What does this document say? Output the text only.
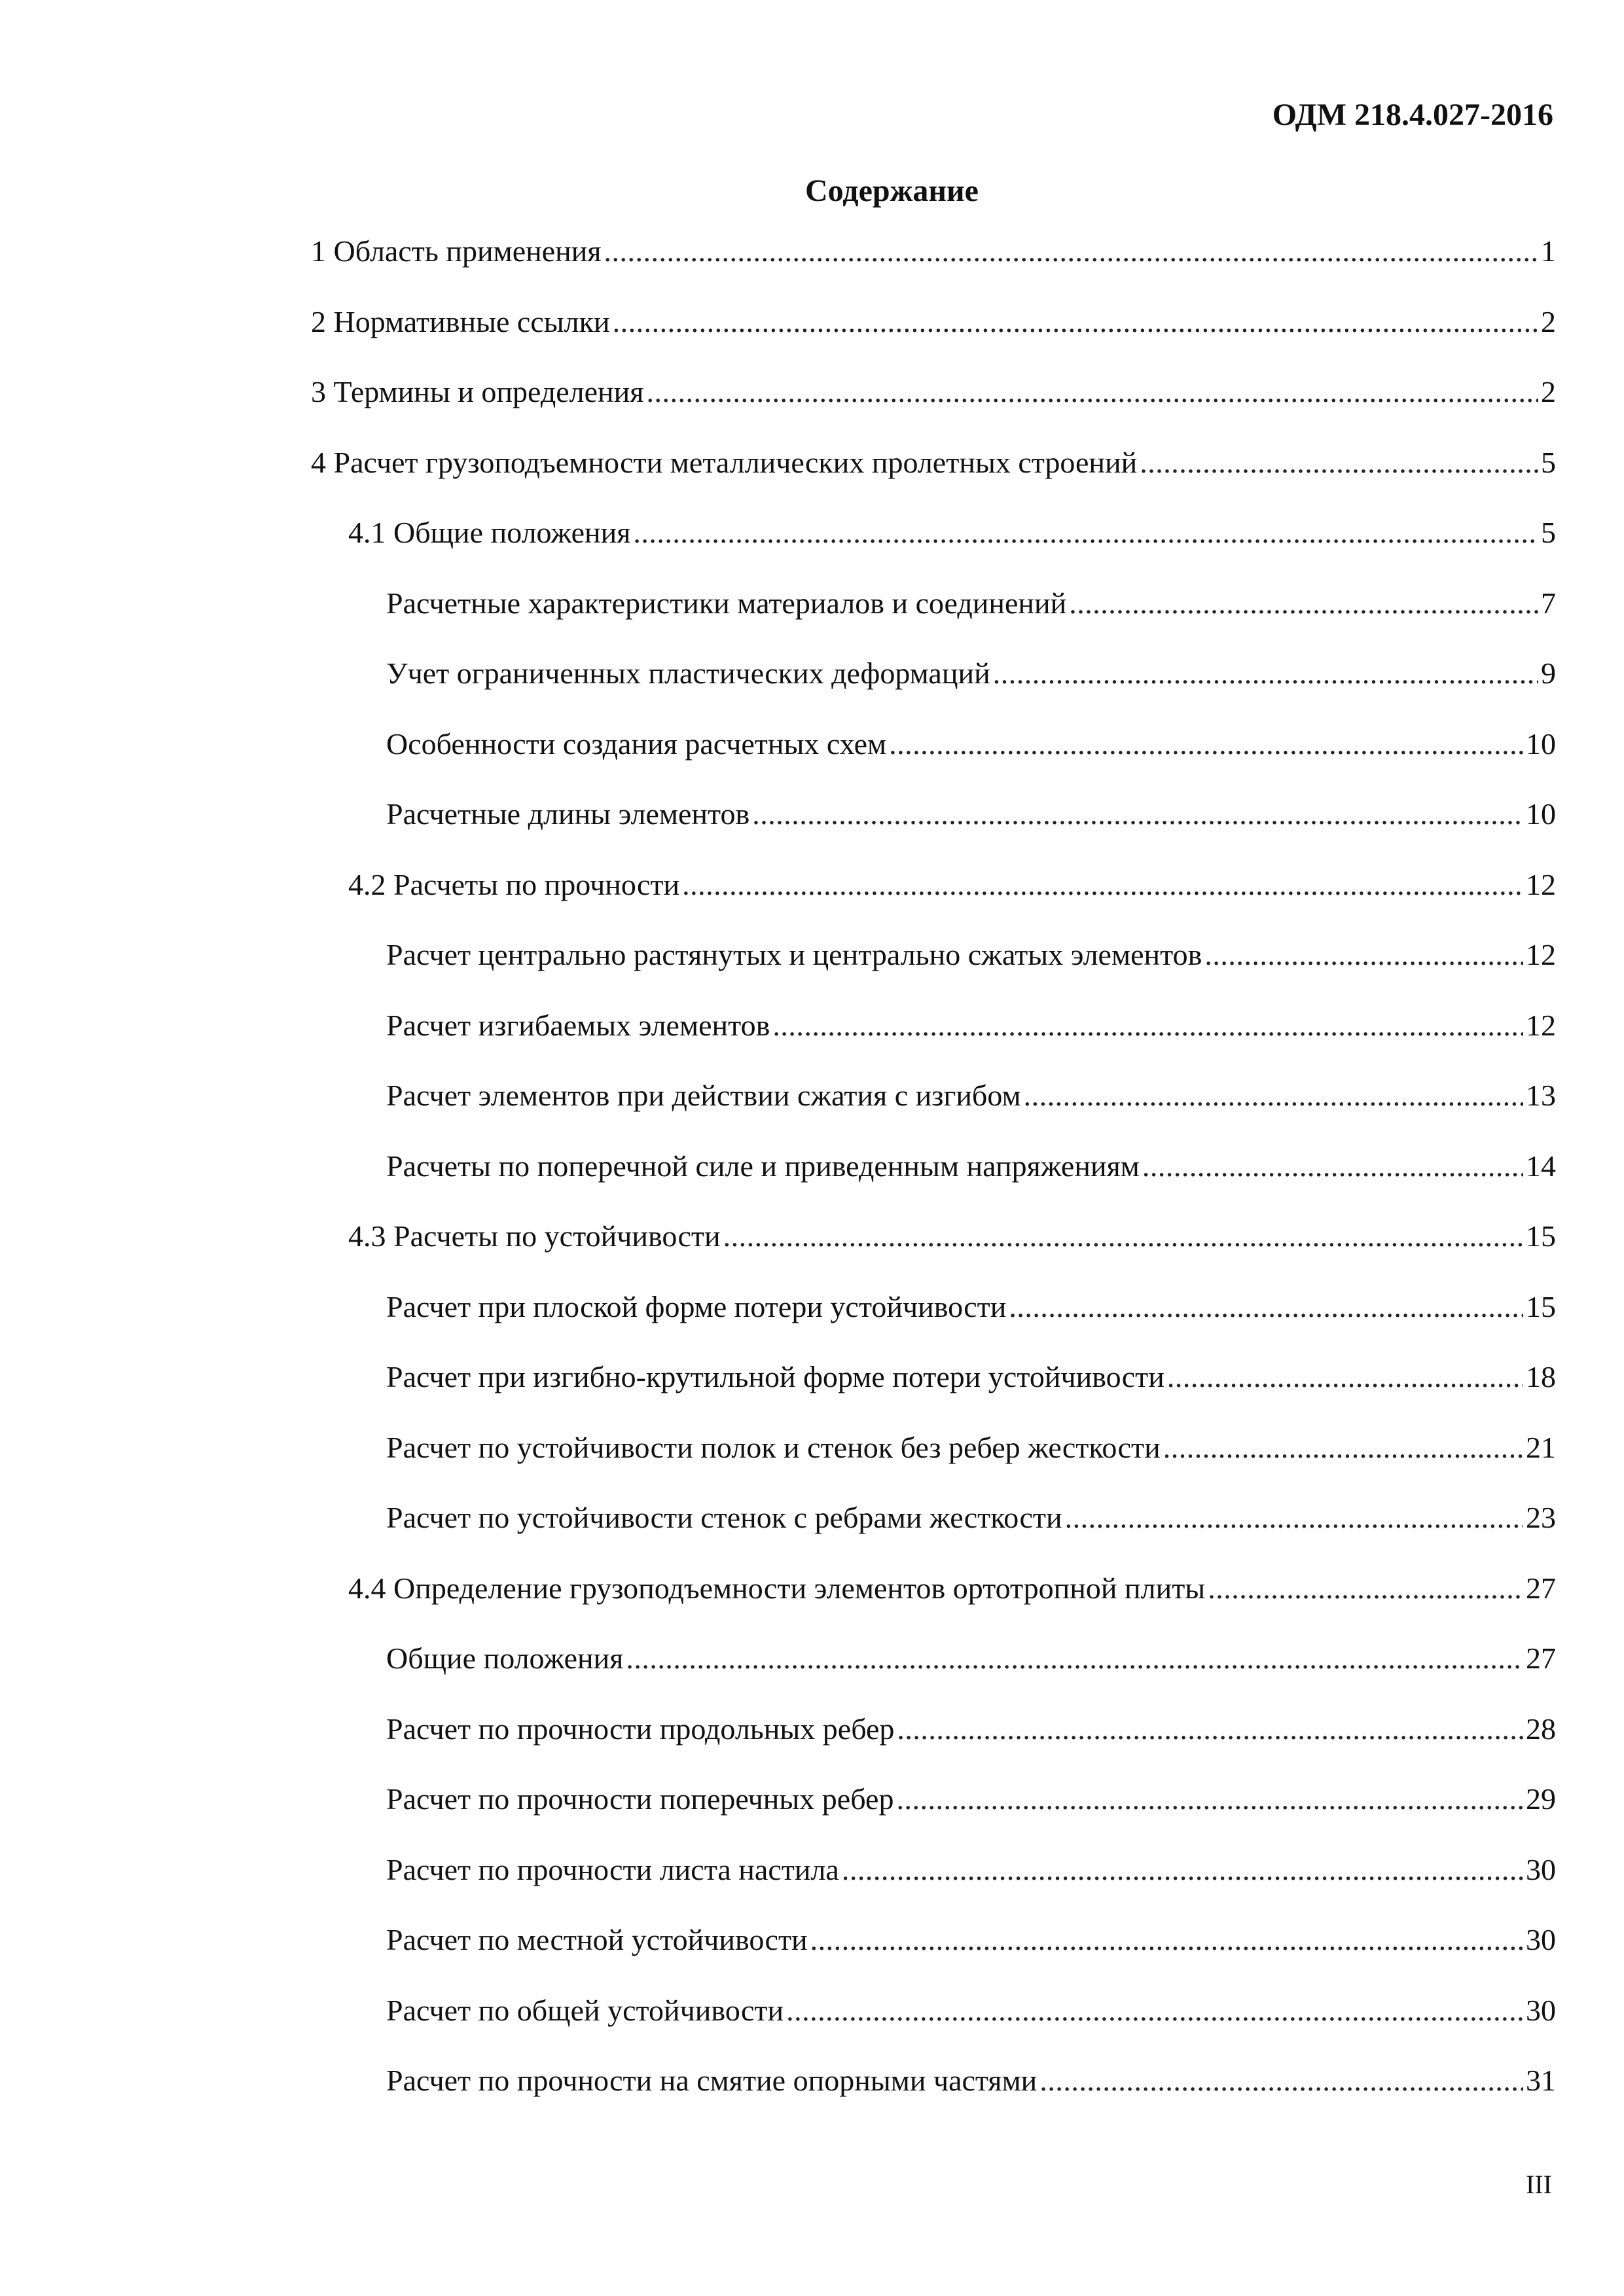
ОДМ 218.4.027-2016
Содержание
1 Область применения .....	1
2 Нормативные ссылки .....	2
3 Термины и определения .....	2
4 Расчет грузоподъемности металлических пролетных строений .....	5
4.1 Общие положения .....	5
Расчетные характеристики материалов и соединений .....	7
Учет ограниченных пластических деформаций .....	9
Особенности создания расчетных схем .....	10
Расчетные длины элементов .....	10
4.2 Расчеты по прочности .....	12
Расчет центрально растянутых и центрально сжатых элементов .....	12
Расчет изгибаемых элементов .....	12
Расчет элементов при действии сжатия с изгибом .....	13
Расчеты по поперечной силе и приведенным напряжениям .....	14
4.3 Расчеты по устойчивости .....	15
Расчет при плоской форме потери устойчивости .....	15
Расчет при изгибно-крутильной форме потери устойчивости .....	18
Расчет по устойчивости полок и стенок без ребер жесткости .....	21
Расчет по устойчивости стенок с ребрами жесткости .....	23
4.4 Определение грузоподъемности элементов ортотропной плиты .....	27
Общие положения .....	27
Расчет по прочности продольных ребер .....	28
Расчет по прочности поперечных ребер .....	29
Расчет по прочности листа настила .....	30
Расчет по местной устойчивости .....	30
Расчет по общей устойчивости .....	30
Расчет по прочности на смятие опорными частями .....	31
III
